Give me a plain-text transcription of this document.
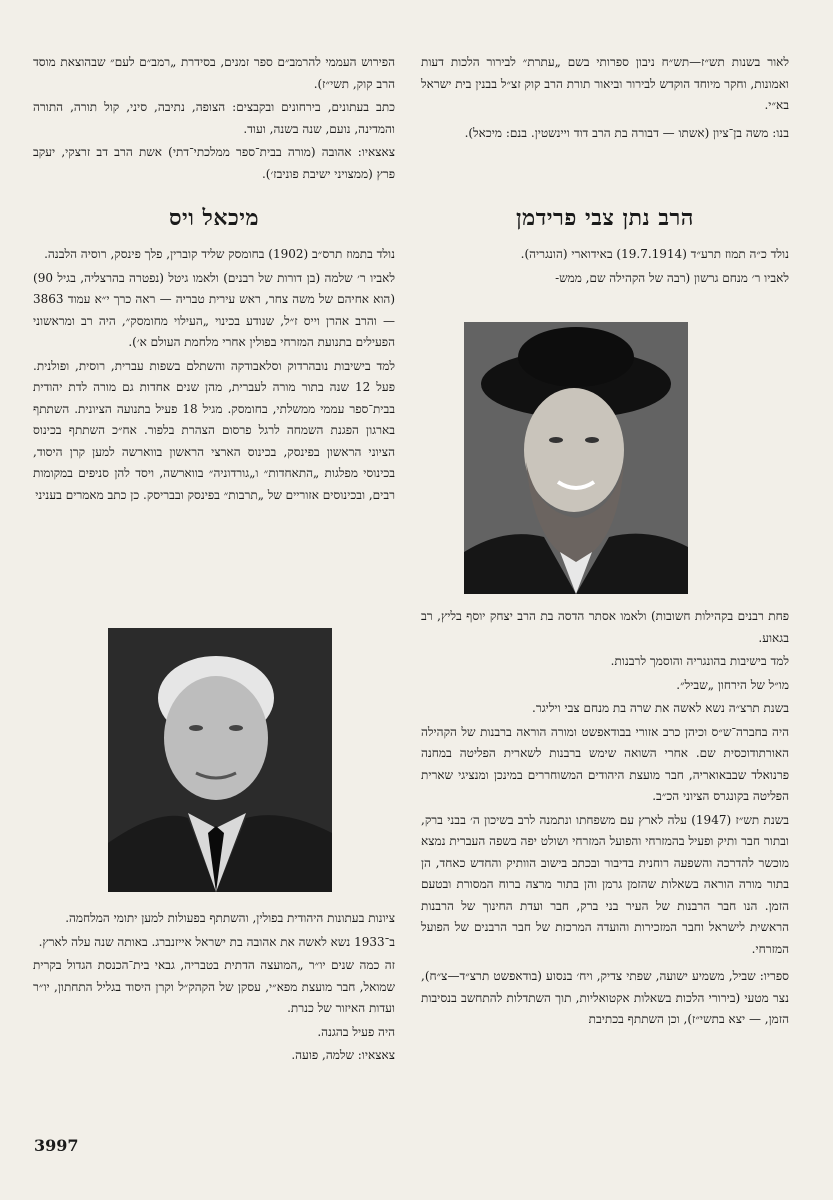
לאור בשנות תש״ז—תש״ח ניבון ספרותי בשם „עתרת״ לבירור הלכות דעות ואמונות, וחקר מיוחד הוקדש לבירור וביאור תורת הרב קוק זצ״ל בבנין בית ישראל בא״י.

בנו: משה בן־ציון (אשתו — דבורה בת הרב דוד ויינשטין. בנם: מיכאל).

הפירוש העממי להרמב״ם ספר זמנים, בסידרת „רמב״ם לעם״ שבהוצאת מוסד הרב קוק, תשי״ז).

כתב בעתונים, בירחונים ובקבצים: הצופה, נתיבה, סיני, קול תורה, התורה והמדינה, נועם, שנה בשנה, ועוד.

צאצאיו: אהובה (מורה בבית־ספר ממלכתי־דתי) אשת הרב דב זרצקי, יעקב פרץ (ממצויני ישיבת פוניבז׳).

הרב נתן צבי פרידמן
מיכאל ויס

נולד כ״ה תמוז תרע״ד (19.7.1914) באידוארי (הונגריה).

לאביו ר׳ מנחם גרשון (רבה של הקהילה שם, ממש-

פחת רבנים בקהילות חשובות) ולאמו אסתר הדסה בת הרב יצחק יוסף בליץ, רב בגאוע.

למד בישיבות בהונגריה והוסמך לרבנות.

מו״ל של הירחון „שביל״.

בשנת תרצ״ה נשא לאשה את שרה בת מנחם צבי ויליגר.

היה בחברה־ש״ס וכיהן כרב אזורי בבודאפשט ומורה הוראה ברבנות של הקהילה האורתודוכסית שם. אחרי השואה שימש ברבנות לשארית הפליטה במחנה פרנואלד שבבאואריה, חבר מועצת היהודים המשוחררים במינכן ומנציגי שארית הפליטה בקונגרס הציוני הכ״ב.

בשנת תש״ז (1947) עלה לארץ עם משפחתו ונתמנה לרב בשיכון ה׳ בבני ברק, ובתור חבר ותיק ופעיל בהמזרחי והפועל המזרחי ושולט יפה בשפה העברית נמצא מוכשר להדרכה והשפעה רוחנית בדיבור ובכתב בישוב הוותיק והחדש כאחד, הן בתור מורה הוראה בשאלות שהזמן גרמן והן בתור מרצה ברוח המסורת ובטעם הזמן. הנו חבר הרבנות של העיר בני ברק, חבר ועדת החינוך של הרבנות הראשית לישראל וחבר המזכירות והועדה המרכזת של חבר הרבנים של הפועל המזרחי.

ספריו: שביל, משמיע ישועה, שפתי צדיק, ויח׳ בנסוע (בודאפשט תרצ״ד—צ״ח), נצר מטעי (בירורי הלכות בשאלות אקטואליות, תוך השתדלות להתחשב בנסיבות הזמן, — יצא בתשי״ז), וכן השתתף בכתיבת

נולד בתמוז תרס״ב (1902) בחומסק שליד קוברין, פלך פינסק, רוסיה הלבנה.

לאביו ר׳ שלמה (בן דורות של רבנים) ולאמו גיטל (נפטרה בהרצליה, בגיל 90) (הוא אחיהם של משה צחר, ראש עירית טבריה — ראה כרך י״א עמוד 3863 — והרב אהרן וייס ז״ל, שנודע בכינוי „העילוי מחומסק״, היה רב ומראשוני הפעילים בתנועת המזרחי בפולין אחרי מלחמת העולם א׳).

למד בישיבות נובהרדוק וסלאבודקה והשתלם בשפות עברית, רוסית, ופולנית. פעל 12 שנה בתור מורה לעברית, מהן שנים אחדות גם מורה לדת יהודית בבית־ספר עממי ממשלתי, בחומסק. מגיל 18 פעיל בתנועה הציונית. השתתף בארגון הפגנת השמחה לרגל פרסום הצהרת בלפור. אח״כ השתתף בכינוס הציוני הראשון בפינסק, בכינוס הארצי הראשון בווארשה למען קרן היסוד, בכינוסי מפלגות „התאחדות״ ו„גורדוניה״ בווארשה, ויסד להן סניפים במקומות רבים, ובכינוסים אזוריים של „תרבות״ בפינסק ובבריסק. כן כתב מאמרים בעניני

ציונות בעתונות היהודית בפולין, והשתתף בפעולות למען יתומי המלחמה.

ב־1933 נשא לאשה את אהובה בת ישראל אייזנברג. באותה שנה עלה לארץ.

זה כמה שנים יו״ר „המועצה הדתית בטבריה, גבאי בית־הכנסת הגדול בקרית שמואל, חבר מועצת מפא״י, עסקן של הקהק״ל וקרן היסוד בגליל התחתון, יו״ר ועדות האיזור של כנרת.

היה פעיל בהגנה.

צאצאיו: שלמה, פועה.

3997
